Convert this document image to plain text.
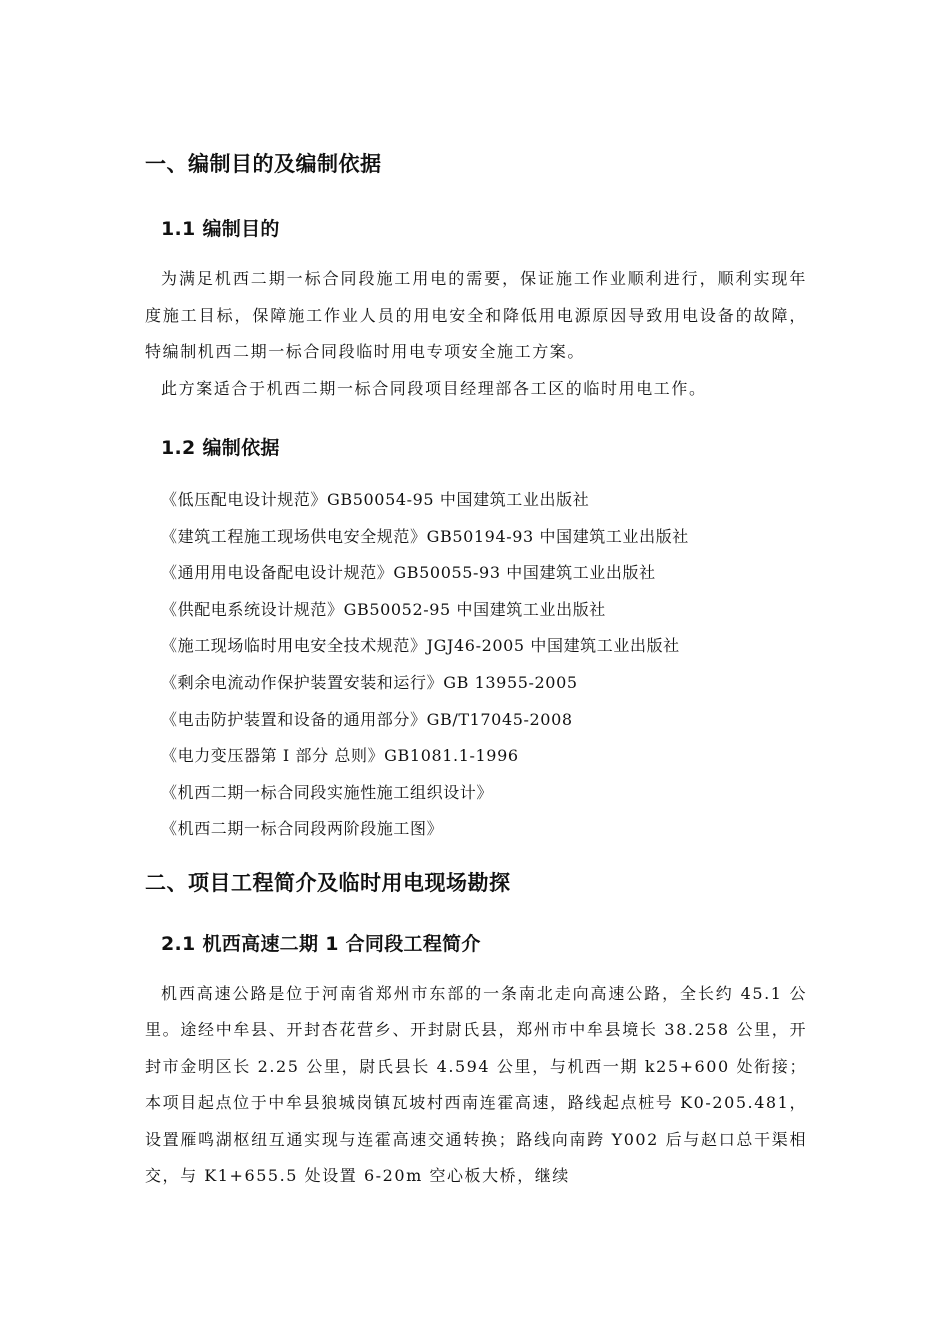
一、编制目的及编制依据
1.1 编制目的

为满足机西二期一标合同段施工用电的需要，保证施工作业顺利进行，顺利实现年度施工目标，保障施工作业人员的用电安全和降低用电源原因导致用电设备的故障，特编制机西二期一标合同段临时用电专项安全施工方案。

此方案适合于机西二期一标合同段项目经理部各工区的临时用电工作。

1.2 编制依据
《低压配电设计规范》GB50054-95 中国建筑工业出版社
《建筑工程施工现场供电安全规范》GB50194-93 中国建筑工业出版社
《通用用电设备配电设计规范》GB50055-93 中国建筑工业出版社
《供配电系统设计规范》GB50052-95 中国建筑工业出版社
《施工现场临时用电安全技术规范》JGJ46-2005 中国建筑工业出版社
《剩余电流动作保护装置安装和运行》GB 13955-2005
《电击防护装置和设备的通用部分》GB/T17045-2008
《电力变压器第 I 部分 总则》GB1081.1-1996
《机西二期一标合同段实施性施工组织设计》
《机西二期一标合同段两阶段施工图》
二、项目工程简介及临时用电现场勘探
2.1 机西高速二期 1 合同段工程简介

机西高速公路是位于河南省郑州市东部的一条南北走向高速公路，全长约 45.1 公里。途经中牟县、开封杏花营乡、开封尉氏县，郑州市中牟县境长 38.258 公里，开封市金明区长 2.25 公里，尉氏县长 4.594 公里，与机西一期 k25+600 处衔接；本项目起点位于中牟县狼城岗镇瓦坡村西南连霍高速，路线起点桩号 K0-205.481，设置雁鸣湖枢纽互通实现与连霍高速交通转换；路线向南跨 Y002 后与赵口总干渠相交，与 K1+655.5 处设置 6-20m 空心板大桥，继续
